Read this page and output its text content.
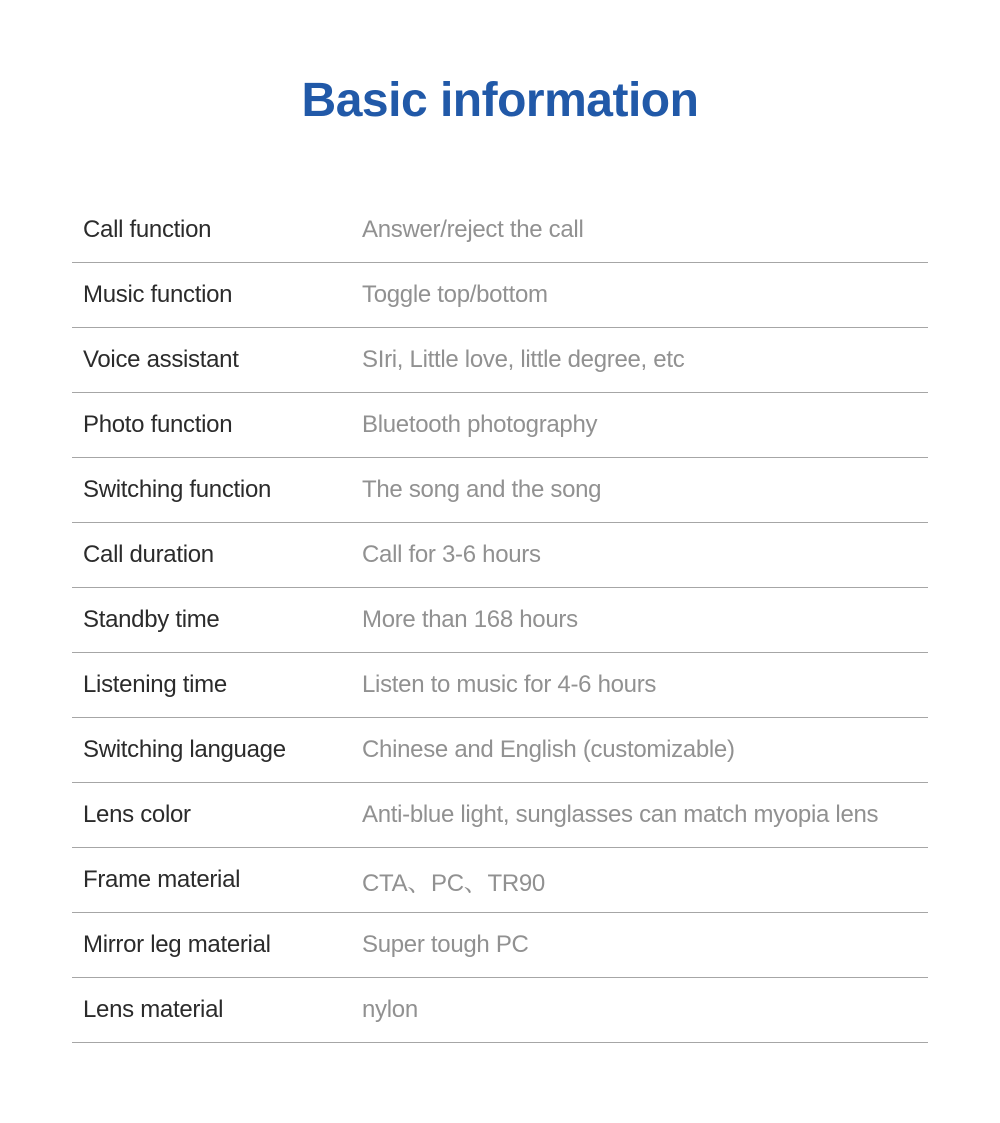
Basic information
Call function	Answer/reject the call
Music function	Toggle top/bottom
Voice assistant	SIri, Little love, little degree, etc
Photo function	Bluetooth photography
Switching function	The song and the song
Call duration	Call for 3-6 hours
Standby time	More than 168 hours
Listening time	Listen to music for 4-6 hours
Switching language	Chinese and English (customizable)
Lens color	Anti-blue light, sunglasses can match myopia lens
Frame material	CTA、PC、TR90
Mirror leg material	Super tough PC
Lens material	nylon
